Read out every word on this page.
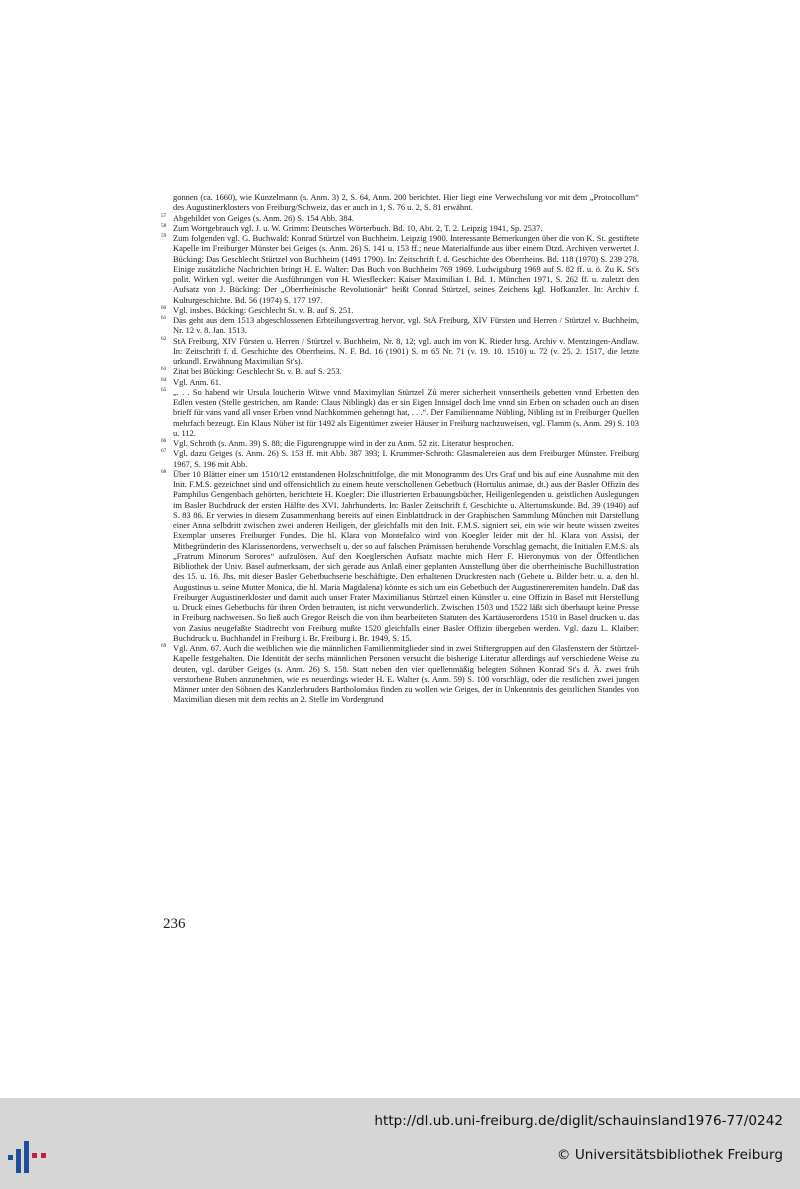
gonnen (ca. 1660), wie Kunzelmann (s. Anm. 3) 2, S. 64, Anm. 200 berichtet. Hier liegt eine Verwechslung vor mit dem „Protocollum“ des Augustinerklosters von Freiburg/Schweiz, das er auch in 1, S. 76 u. 2, S. 81 erwähnt.
57 Abgebildet von Geiges (s. Anm. 26) S. 154 Abb. 384.
58 Zum Wortgebrauch vgl. J. u. W. Grimm: Deutsches Wörterbuch. Bd. 10, Abt. 2, T. 2. Leipzig 1941, Sp. 2537.
59 Zum folgenden vgl. G. Buchwald: Konrad Stürtzel von Buchheim. Leipzig 1900. Interessante Bemerkungen über die von K. St. gestiftete Kapelle im Freiburger Münster bei Geiges (s. Anm. 26) S. 141 u. 153 ff.; neue Materialfunde aus über einem Dtzd. Archiven verwertet J. Bücking: Das Geschlecht Stürtzel von Buchheim (1491 1790). In: Zeitschrift f. d. Geschichte des Oberrheins. Bd. 118 (1970) S. 239 278. Einige zusätzliche Nachrichten bringt H. E. Walter: Das Buch von Buchheim 769 1969. Ludwigsburg 1969 auf S. 82 ff. u. ö. Zu K. St's polit. Wirken vgl. weiter die Ausführungen von H. Wiesflecker: Kaiser Maximilian I. Bd. 1. München 1971, S. 262 ff. u. zuletzt den Aufsatz von J. Bücking: Der „Oberrheinische Revolutionär“ heißt Conrad Stürtzel, seines Zeichens kgl. Hofkanzler. In: Archiv f. Kulturgeschichte. Bd. 56 (1974) S. 177 197.
60 Vgl. insbes. Bücking: Geschlecht St. v. B. auf S. 251.
61 Das geht aus dem 1513 abgeschlossenen Erbteilungsvertrag hervor, vgl. StA Freiburg, XIV Fürsten und Herren / Stürtzel v. Buchheim, Nr. 12 v. 8. Jan. 1513.
62 StA Freiburg, XIV Fürsten u. Herren / Stürtzel v. Buchheim, Nr. 8, 12; vgl. auch im von K. Rieder hrsg. Archiv v. Mentzingen-Andlaw. In: Zeitschrift f. d. Geschichte des Oberrheins. N. F. Bd. 16 (1901) S. m 65 Nr. 71 (v. 19. 10. 1510) u. 72 (v. 25. 2. 1517, die letzte urkundl. Erwähnung Maximilian St's).
63 Zitat bei Bücking: Geschlecht St. v. B. auf S. 253.
64 Vgl. Anm. 61.
65 „. . . So habend wir Ursula loucherin Witwe vnnd Maximylian Stürtzel Zů merer sicherheit vnnsertheils gebetten vnnd Erbetten den Edlen vesten (Stelle gestrichen, am Rande: Claus Niblingk) das er sin Eigen Innsigel doch Ime vnnd sin Erben on schaden ouch an disen brieff für vans vand all vnser Erben vnnd Nachkommen gehenngt hat, . . .“. Der Familienname Nübling, Nibling ist in Freiburger Quellen mehrfach bezeugt. Ein Klaus Nüber ist für 1492 als Eigentümer zweier Häuser in Freiburg nachzuweisen, vgl. Flamm (s. Anm. 29) S. 103 u. 112.
66 Vgl. Schroth (s. Anm. 39) S. 88; die Figurengruppe wird in der zu Anm. 52 zit. Literatur besprochen.
67 Vgl. dazu Geiges (s. Anm. 26) S. 153 ff. mit Abb. 387 393; I. Krummer-Schroth: Glasmalereien aus dem Freiburger Münster. Freiburg 1967, S. 196 mit Abb.
68 Über 10 Blätter einer um 1510/12 entstandenen Holzschnittfolge, die mit Monogramm des Urs Graf und bis auf eine Ausnahme mit den Init. F.M.S. gezeichnet sind und offensichtlich zu einem heute verschollenen Gebetbuch (Hortulus animae, dt.) aus der Basler Offizin des Pamphilus Gengenbach gehörten, berichtete H. Koegler: Die illustrierten Erbauungsbücher, Heiligenlegenden u. geistlichen Auslegungen im Basler Buchdruck der ersten Hälfte des XVI. Jahrhunderts. In: Basler Zeitschrift f. Geschichte u. Altertumskunde. Bd. 39 (1940) auf S. 83 86. Er verwies in diesem Zusammenhang bereits auf einen Einblattdruck in der Graphischen Sammlung München mit Darstellung einer Anna selbdritt zwischen zwei anderen Heiligen, der gleichfalls mit den Init. F.M.S. signiert sei, ein wie wir heute wissen zweites Exemplar unseres Freiburger Fundes. Die hl. Klara von Montefalco wird von Koegler leider mit der hl. Klara von Assisi, der Mitbegründerin des Klarissenordens, verwechselt u. der so auf falschen Prämissen beruhende Vorschlag gemacht, die Initialen F.M.S. als „Fratrum Minorum Sorores“ aufzulösen. Auf den Koeglerschen Aufsatz machte mich Herr F. Hieronymus von der Öffentlichen Bibliothek der Univ. Basel aufmerksam, der sich gerade aus Anlaß einer geplanten Ausstellung über die oberrheinische Buchillustration des 15. u. 16. Jhs. mit dieser Basler Gebetbuchserie beschäftigte. Den erhaltenen Druckresten nach (Gebete u. Bilder betr. u. a. den hl. Augustinus u. seine Mutter Monica, die hl. Maria Magdalena) könnte es sich um ein Gebetbuch der Augustinereremiten handeln. Daß das Freiburger Augustinerkloster und damit auch unser Frater Maximilianus Stürtzel einen Künstler u. eine Offizin in Basel mit Herstellung u. Druck eines Gebetbuchs für ihren Orden betrauten, ist nicht verwunderlich. Zwischen 1503 und 1522 läßt sich überhaupt keine Presse in Freiburg nachweisen. So ließ auch Gregor Reisch die von ihm bearbeiteten Statuten des Kartäuserordens 1510 in Basel drucken u. das von Zasius neugefaßte Stadtrecht von Freiburg mußte 1520 gleichfalls einer Basler Offizin übergeben werden. Vgl. dazu L. Klaiber: Buchdruck u. Buchhandel in Freiburg i. Br. Freiburg i. Br. 1949, S. 15.
69 Vgl. Anm. 67. Auch die weiblichen wie die männlichen Familienmitglieder sind in zwei Stiftergruppen auf den Glasfenstern der Stürtzel-Kapelle festgehalten. Die Identität der sechs männlichen Personen versucht die bisherige Literatur allerdings auf verschiedene Weise zu deuten, vgl. darüber Geiges (s. Anm. 26) S. 158. Statt neben den vier quellenmäßig belegten Söhnen Konrad St's d. Ä. zwei früh verstorbene Buben anzunehmen, wie es neuerdings wieder H. E. Walter (s. Anm. 59) S. 100 vorschlägt, oder die restlichen zwei jungen Männer unter den Söhnen des Kanzlerbruders Bartholomäus finden zu wollen wie Geiges, der in Unkenntnis des geistlichen Standes von Maximilian diesen mit dem rechts an 2. Stelle im Vordergrund
236
http://dl.ub.uni-freiburg.de/diglit/schauinsland1976-77/0242
© Universitätsbibliothek Freiburg
